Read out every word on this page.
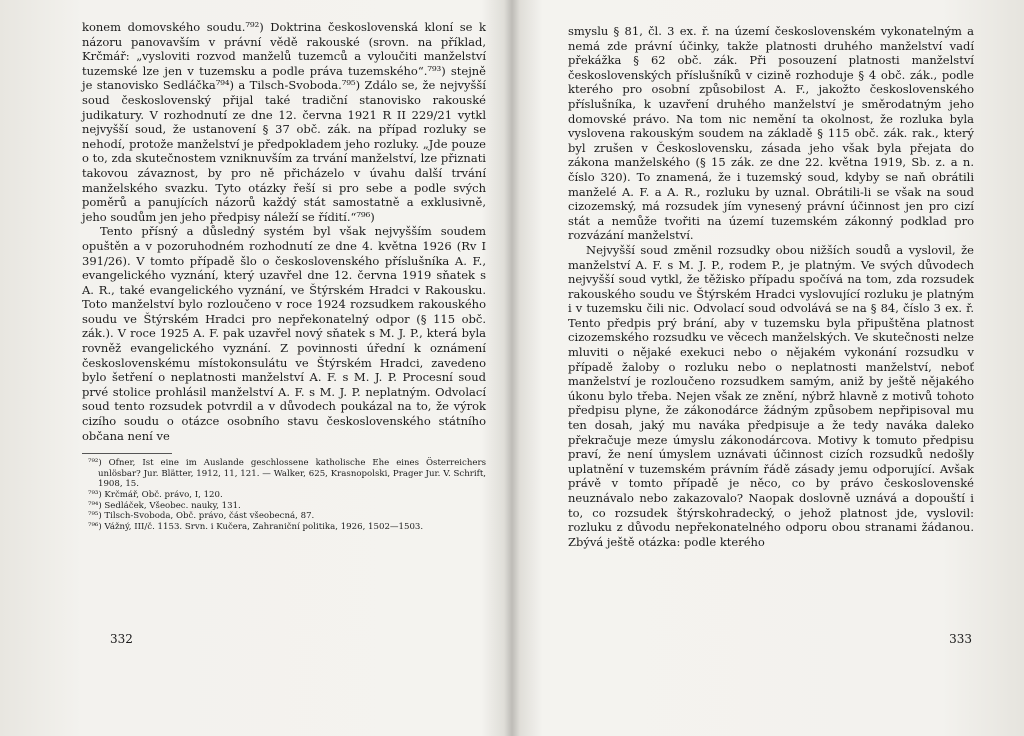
konem domovského soudu.⁷⁹²) Doktrina československá kloní se k názoru panovavším v právní vědě rakouské (srovn. na příklad, Krčmář: „vysloviti rozvod manželů tuzemců a vyloučiti manželství tuzemské lze jen v tuzemsku a podle práva tuzemského“.⁷⁹³) stejně je stanovisko Sedláčka⁷⁹⁴) a Tilsch-Svoboda.⁷⁹⁵) Zdálo se, že nejvyšší soud československý přijal také tradiční stanovisko rakouské judikatury. V rozhodnutí ze dne 12. června 1921 R II 229/21 vytkl nejvyšší soud, že ustanovení § 37 obč. zák. na případ rozluky se nehodí, protože manželství je předpokladem jeho rozluky. „Jde pouze o to, zda skutečnostem vzniknuvším za trvání manželství, lze přiznati takovou závaznost, by pro ně přicházelo v úvahu další trvání manželského svazku. Tyto otázky řeší si pro sebe a podle svých poměrů a panujících názorů každý stát samostatně a exklusivně, jeho soudům jen jeho předpisy náleží se řídití.“⁷⁹⁶)

Tento přísný a důsledný systém byl však nejvyšším soudem opuštěn a v pozoruhodném rozhodnutí ze dne 4. května 1926 (Rv I 391/26). V tomto případě šlo o československého příslušníka A. F., evangelického vyznání, který uzavřel dne 12. června 1919 sňatek s A. R., také evangelického vyznání, ve Štýrském Hradci v Rakousku. Toto manželství bylo rozloučeno v roce 1924 rozsudkem rakouského soudu ve Štýrském Hradci pro nepřekonatelný odpor (§ 115 obč. zák.). V roce 1925 A. F. pak uzavřel nový sňatek s M. J. P., která byla rovněž evangelického vyznání. Z povinnosti úřední k oznámení československému místokonsulátu ve Štýrském Hradci, zavedeno bylo šetření o neplatnosti manželství A. F. s M. J. P. Procesní soud prvé stolice prohlásil manželství A. F. s M. J. P. neplatným. Odvolací soud tento rozsudek potvrdil a v důvodech poukázal na to, že výrok cizího soudu o otázce osobního stavu československého státního občana není ve

⁷⁹²) Ofner, Ist eine im Auslande geschlossene katholische Ehe eines Österreichers unlösbar? Jur. Blätter, 1912, 11, 121. — Walker, 625, Krasnopolski, Prager Jur. V. Schrift, 1908, 15.

⁷⁹³) Krčmář, Obč. právo, I, 120.

⁷⁹⁴) Sedláček, Všeobec. nauky, 131.

⁷⁹⁵) Tilsch-Svoboda, Obč. právo, část všeobecná, 87.

⁷⁹⁶) Vážný, III/č. 1153. Srvn. i Kučera, Zahraniční politika, 1926, 1502—1503.

332

smyslu § 81, čl. 3 ex. ř. na území československém vykonatelným a nemá zde právní účinky, takže platnosti druhého manželství vadí překážka § 62 obč. zák. Při posouzení platnosti manželství československých příslušníků v cizině rozhoduje § 4 obč. zák., podle kterého pro osobní způsobilost A. F., jakožto československého příslušníka, k uzavření druhého manželství je směrodatným jeho domovské právo. Na tom nic nemění ta okolnost, že rozluka byla vyslovena rakouským soudem na základě § 115 obč. zák. rak., který byl zrušen v Československu, zásada jeho však byla přejata do zákona manželského (§ 15 zák. ze dne 22. května 1919, Sb. z. a n. číslo 320). To znamená, že i tuzemský soud, kdyby se naň obrátili manželé A. F. a A. R., rozluku by uznal. Obrátili-li se však na soud cizozemský, má rozsudek jím vynesený právní účinnost jen pro cizí stát a nemůže tvořiti na území tuzemském zákonný podklad pro rozvázání manželství.

Nejvyšší soud změnil rozsudky obou nižších soudů a vyslovil, že manželství A. F. s M. J. P., rodem P., je platným. Ve svých důvodech nejvyšší soud vytkl, že těžisko případu spočívá na tom, zda rozsudek rakouského soudu ve Štýrském Hradci vyslovující rozluku je platným i v tuzemsku čili nic. Odvolací soud odvolává se na § 84, číslo 3 ex. ř. Tento předpis prý brání, aby v tuzemsku byla připuštěna platnost cizozemského rozsudku ve věcech manželských. Ve skutečnosti nelze mluviti o nějaké exekuci nebo o nějakém vykonání rozsudku v případě žaloby o rozluku nebo o neplatnosti manželství, neboť manželství je rozloučeno rozsudkem samým, aniž by ještě nějakého úkonu bylo třeba. Nejen však ze znění, nýbrž hlavně z motivů tohoto předpisu plyne, že zákonodárce žádným způsobem nepřipisoval mu ten dosah, jaký mu naváka předpisuje a že tedy naváka daleko překračuje meze úmyslu zákonodárcova. Motivy k tomuto předpisu praví, že není úmyslem uznávati účinnost cizích rozsudků nedošly uplatnění v tuzemském právním řádě zásady jemu odporující. Avšak právě v tomto případě je něco, co by právo československé neuznávalo nebo zakazovalo? Naopak doslovně uznává a dopouští i to, co rozsudek štýrskohradecký, o jehož platnost jde, vyslovil: rozluku z důvodu nepřekonatelného odporu obou stranami žádanou. Zbývá ještě otázka: podle kterého

333
